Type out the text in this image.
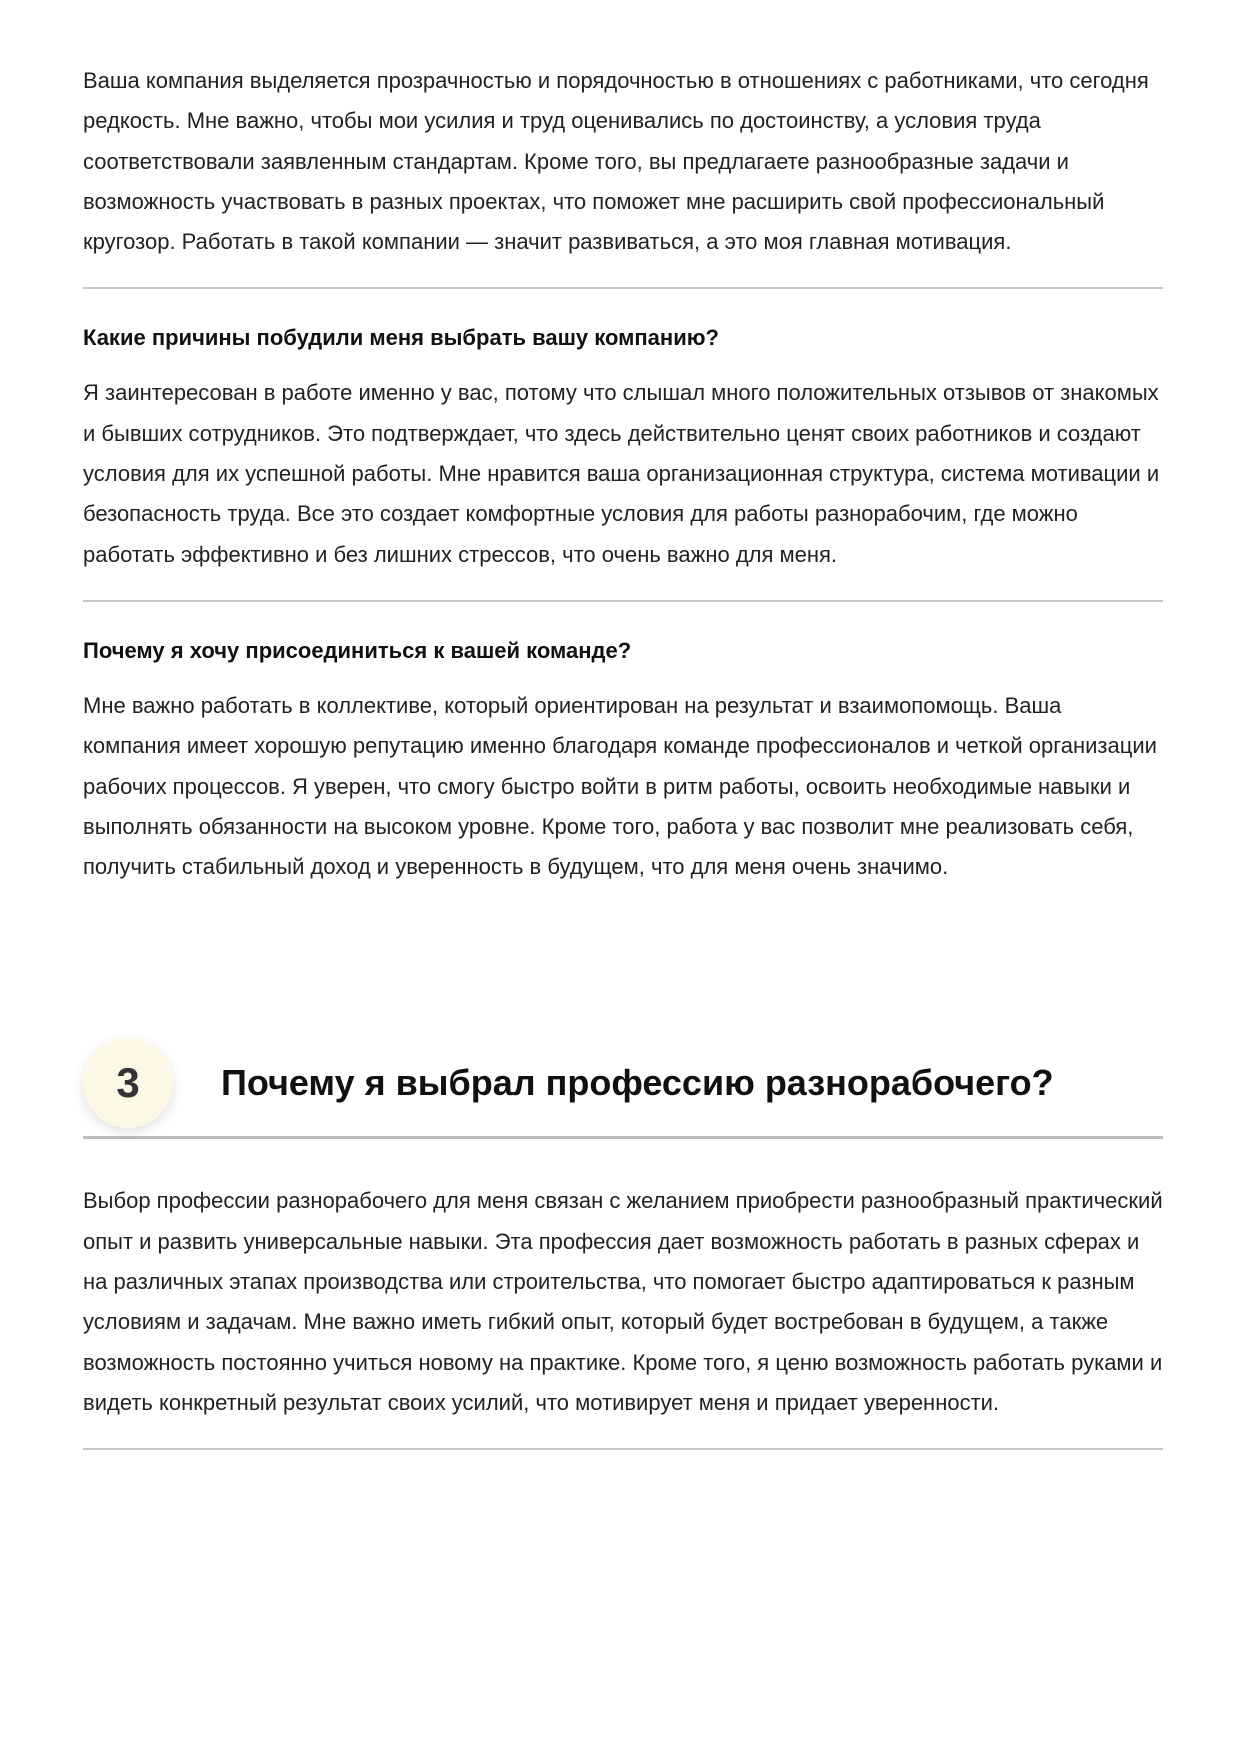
Ваша компания выделяется прозрачностью и порядочностью в отношениях с работниками, что сегодня редкость. Мне важно, чтобы мои усилия и труд оценивались по достоинству, а условия труда соответствовали заявленным стандартам. Кроме того, вы предлагаете разнообразные задачи и возможность участвовать в разных проектах, что поможет мне расширить свой профессиональный кругозор. Работать в такой компании — значит развиваться, а это моя главная мотивация.

Какие причины побудили меня выбрать вашу компанию?

Я заинтересован в работе именно у вас, потому что слышал много положительных отзывов от знакомых и бывших сотрудников. Это подтверждает, что здесь действительно ценят своих работников и создают условия для их успешной работы. Мне нравится ваша организационная структура, система мотивации и безопасность труда. Все это создает комфортные условия для работы разнорабочим, где можно работать эффективно и без лишних стрессов, что очень важно для меня.

Почему я хочу присоединиться к вашей команде?

Мне важно работать в коллективе, который ориентирован на результат и взаимопомощь. Ваша компания имеет хорошую репутацию именно благодаря команде профессионалов и четкой организации рабочих процессов. Я уверен, что смогу быстро войти в ритм работы, освоить необходимые навыки и выполнять обязанности на высоком уровне. Кроме того, работа у вас позволит мне реализовать себя, получить стабильный доход и уверенность в будущем, что для меня очень значимо.

3	Почему я выбрал профессию разнорабочего?

Выбор профессии разнорабочего для меня связан с желанием приобрести разнообразный практический опыт и развить универсальные навыки. Эта профессия дает возможность работать в разных сферах и на различных этапах производства или строительства, что помогает быстро адаптироваться к разным условиям и задачам. Мне важно иметь гибкий опыт, который будет востребован в будущем, а также возможность постоянно учиться новому на практике. Кроме того, я ценю возможность работать руками и видеть конкретный результат своих усилий, что мотивирует меня и придает уверенности.
